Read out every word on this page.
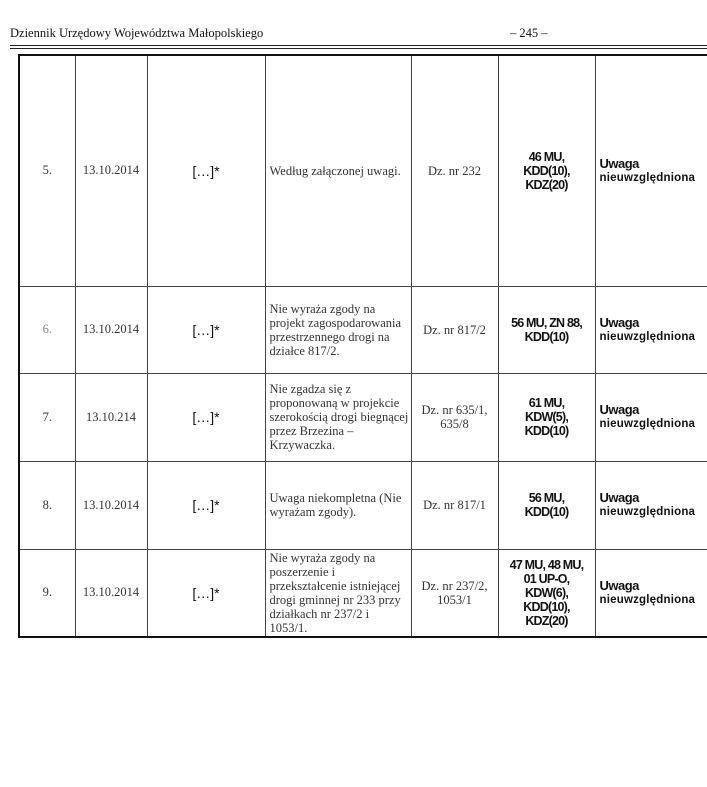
Dziennik Urzędowy Województwa Małopolskiego	– 245 –
5.	13.10.2014	[…]*	Według załączonej uwagi.	Dz. nr 232	46 MU,
KDD(10),
KDZ(20)	Uwaga
nieuwzględniona

6.	13.10.2014	[…]*	Nie wyraża zgody na projekt zagospodarowania przestrzennego drogi na działce 817/2.	Dz. nr 817/2	56 MU, ZN 88,
KDD(10)	Uwaga
nieuwzględniona

7.	13.10.214	[…]*	Nie zgadza się z proponowaną w projekcie szerokością drogi biegnącej przez Brzezina – Krzywaczka.	Dz. nr 635/1,
635/8	61 MU,
KDW(5),
KDD(10)	Uwaga
nieuwzględniona

8.	13.10.2014	[…]*	Uwaga niekompletna (Nie wyrażam zgody).	Dz. nr 817/1	56 MU,
KDD(10)	Uwaga
nieuwzględniona

9.	13.10.2014	[…]*	Nie wyraża zgody na poszerzenie i przekształcenie istniejącej drogi gminnej nr 233 przy działkach nr 237/2 i 1053/1.	Dz. nr 237/2,
1053/1	47 MU, 48 MU,
01 UP-O,
KDW(6),
KDD(10),
KDZ(20)	Uwaga
nieuwzględniona
